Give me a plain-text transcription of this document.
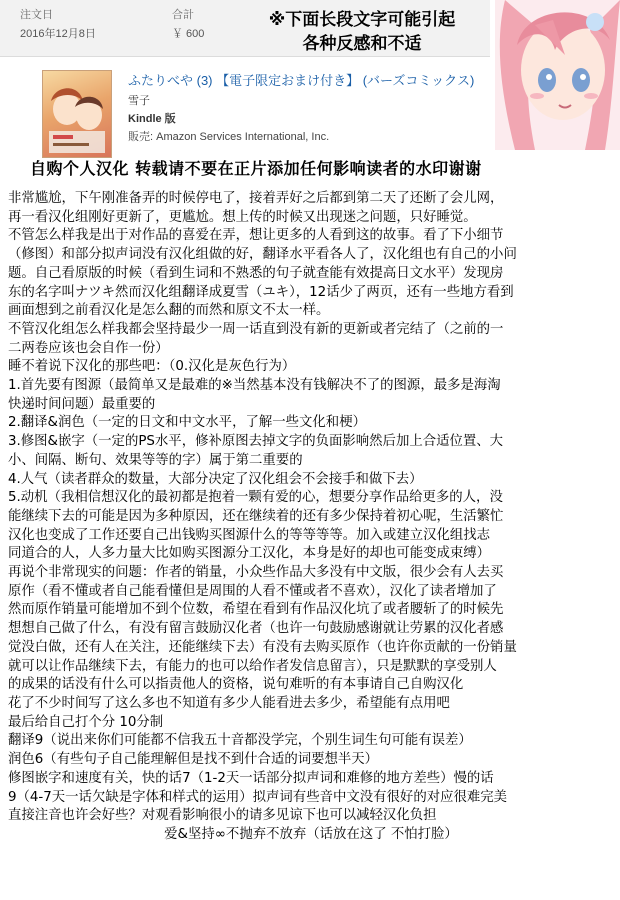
注文日
2016年12月8日
合計
￥ 600
※下面长段文字可能引起
各种反感和不适
ふたりべや (3) 【電子限定おまけ付き】 (バーズコミックス)
雪子
Kindle 版
販売: Amazon Services International, Inc.
自购个人汉化 转载请不要在正片添加任何影响读者的水印谢谢
非常尴尬，下午刚准备弄的时候停电了，接着弄好之后都到第二天了还断了会儿网，
再一看汉化组刚好更新了，更尴尬。想上传的时候又出现迷之问题，只好睡觉。
不管怎么样我是出于对作品的喜爱在弄，想让更多的人看到这的故事。看了下小细节
（修图）和部分拟声词没有汉化组做的好，翻译水平看各人了，汉化组也有自己的小问
题。自己看原版的时候（看到生词和不熟悉的句子就查能有效提高日文水平）发现房
东的名字叫ナツキ然而汉化组翻译成夏雪（ユキ），12话少了两页，还有一些地方看到
画面想到之前看汉化是怎么翻的而然和原文不太一样。
不管汉化组怎么样我都会坚持最少一周一话直到没有新的更新或者完结了（之前的一
二两卷应该也会自作一份）
睡不着说下汉化的那些吧：（0.汉化是灰色行为）
1.首先要有图源（最简单又是最难的※当然基本没有钱解决不了的图源，最多是海淘
快递时间问题）最重要的
2.翻译&润色（一定的日文和中文水平，了解一些文化和梗）
3.修图&嵌字（一定的PS水平，修补原图去掉文字的负面影响然后加上合适位置、大
小、间隔、断句、效果等等的字）属于第二重要的
4.人气（读者群众的数量，大部分决定了汉化组会不会接手和做下去）
5.动机（我相信想汉化的最初都是抱着一颗有爱的心，想要分享作品给更多的人，没
能继续下去的可能是因为多种原因，还在继续着的还有多少保持着初心呢，生活繁忙
汉化也变成了工作还要自己出钱购买图源什么的等等等等。加入或建立汉化组找志
同道合的人，人多力量大比如购买图源分工汉化，本身是好的却也可能变成束缚）
再说个非常现实的问题：作者的销量，小众些作品大多没有中文版，很少会有人去买
原作（看不懂或者自己能看懂但是周围的人看不懂或者不喜欢），汉化了读者增加了
然而原作销量可能增加不到个位数，希望在看到有作品汉化坑了或者腰斩了的时候先
想想自己做了什么，有没有留言鼓励汉化者（也许一句鼓励感谢就让劳累的汉化者感
觉没白做，还有人在关注，还能继续下去）有没有去购买原作（也许你贡献的一份销量
就可以让作品继续下去，有能力的也可以给作者发信息留言），只是默默的享受别人
的成果的话没有什么可以指责他人的资格，说句难听的有本事请自己自购汉化
花了不少时间写了这么多也不知道有多少人能看进去多少，希望能有点用吧
最后给自己打个分 10分制
翻译9（说出来你们可能都不信我五十音都没学完，个别生词生句可能有误差）
润色6（有些句子自己能理解但是找不到什合适的词要想半天）
修图嵌字和速度有关，快的话7（1-2天一话部分拟声词和难修的地方差些）慢的话
9（4-7天一话欠缺是字体和样式的运用）拟声词有些音中文没有很好的对应很难完美
直接注音也许会好些？对观看影响很小的请多见谅下也可以减轻汉化负担
爱&坚持∞不抛弃不放弃（话放在这了 不怕打脸）
